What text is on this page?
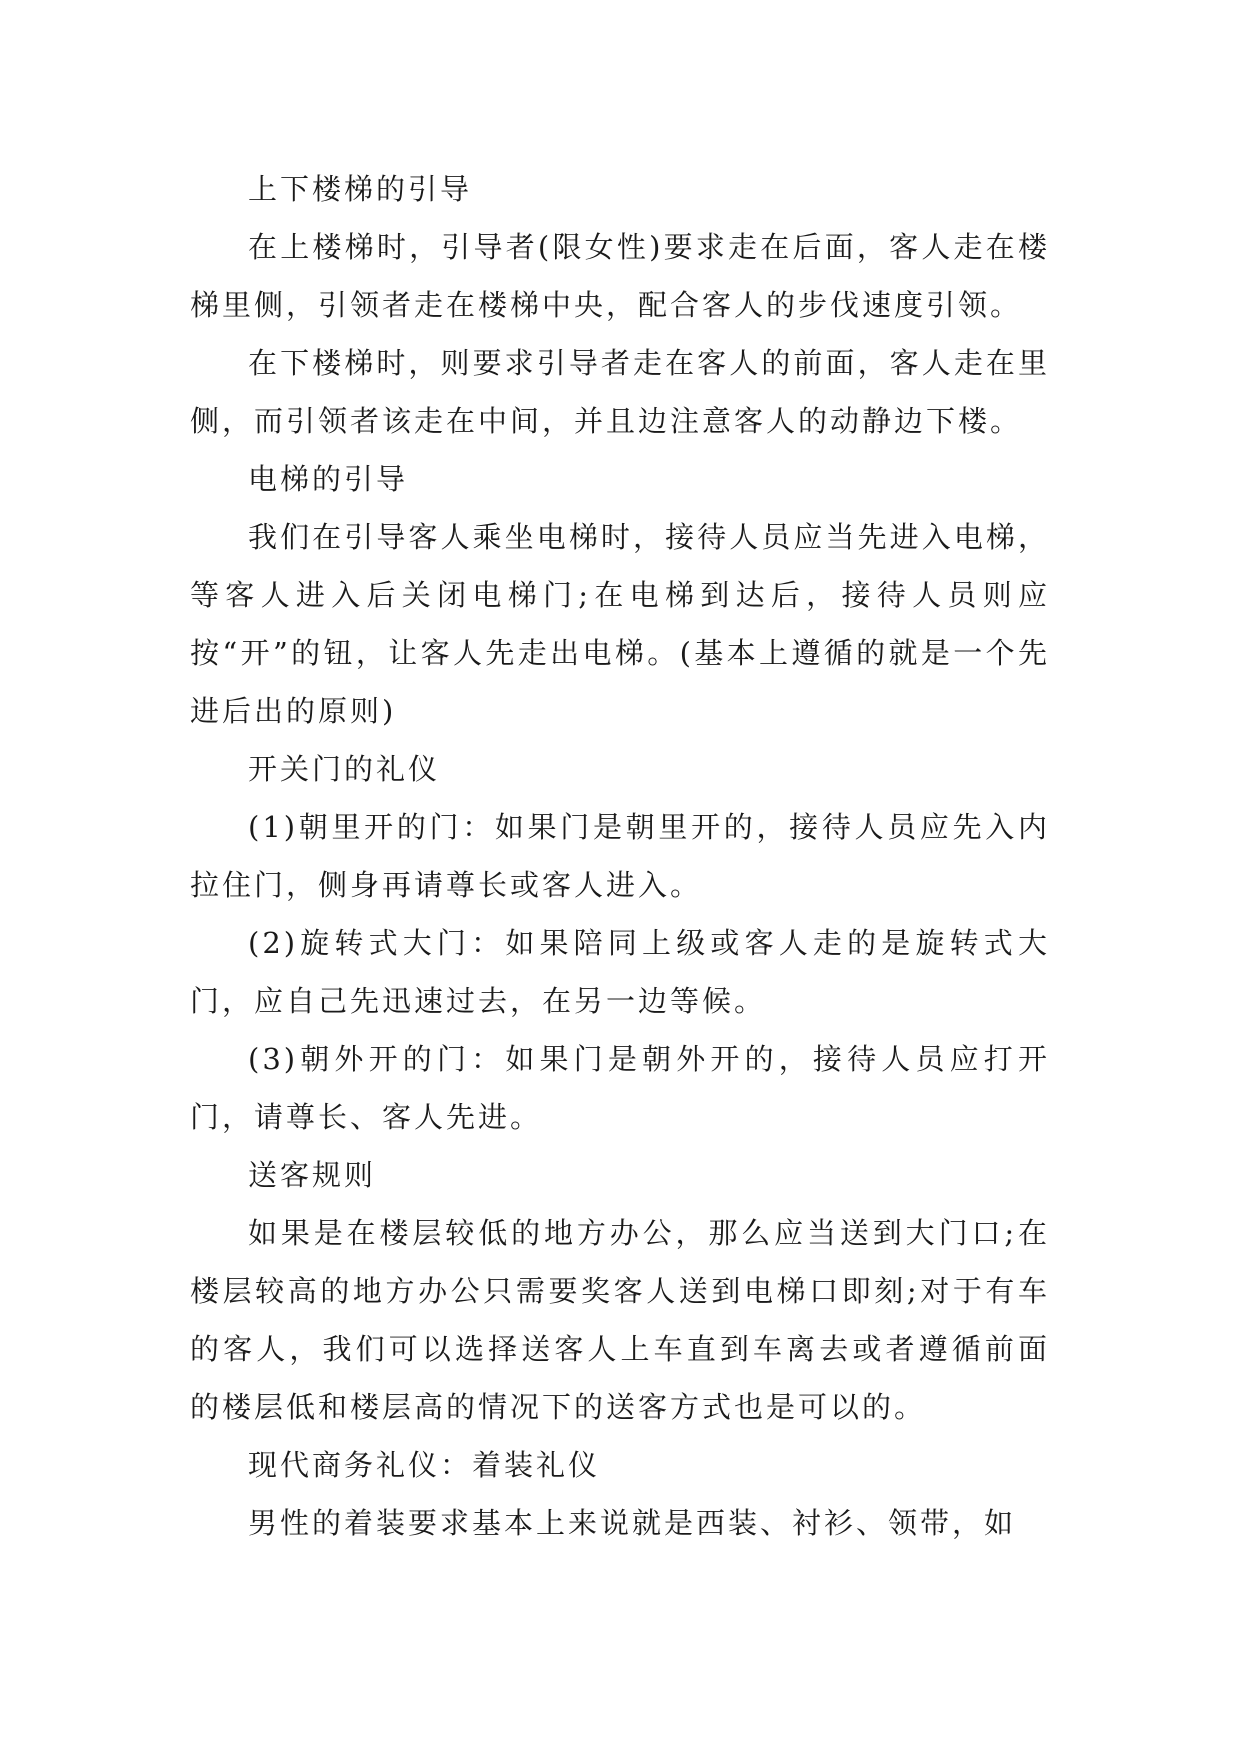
上下楼梯的引导

在上楼梯时，引导者(限女性)要求走在后面，客人走在楼梯里侧，引领者走在楼梯中央，配合客人的步伐速度引领。

在下楼梯时，则要求引导者走在客人的前面，客人走在里侧，而引领者该走在中间，并且边注意客人的动静边下楼。

电梯的引导

我们在引导客人乘坐电梯时，接待人员应当先进入电梯，等客人进入后关闭电梯门;在电梯到达后，接待人员则应按“开”的钮，让客人先走出电梯。(基本上遵循的就是一个先进后出的原则)

开关门的礼仪

(1)朝里开的门：如果门是朝里开的，接待人员应先入内拉住门，侧身再请尊长或客人进入。

(2)旋转式大门：如果陪同上级或客人走的是旋转式大门，应自己先迅速过去，在另一边等候。

(3)朝外开的门：如果门是朝外开的，接待人员应打开门，请尊长、客人先进。

送客规则

如果是在楼层较低的地方办公，那么应当送到大门口;在楼层较高的地方办公只需要奖客人送到电梯口即刻;对于有车的客人，我们可以选择送客人上车直到车离去或者遵循前面的楼层低和楼层高的情况下的送客方式也是可以的。

现代商务礼仪：着装礼仪

男性的着装要求基本上来说就是西装、衬衫、领带，如
